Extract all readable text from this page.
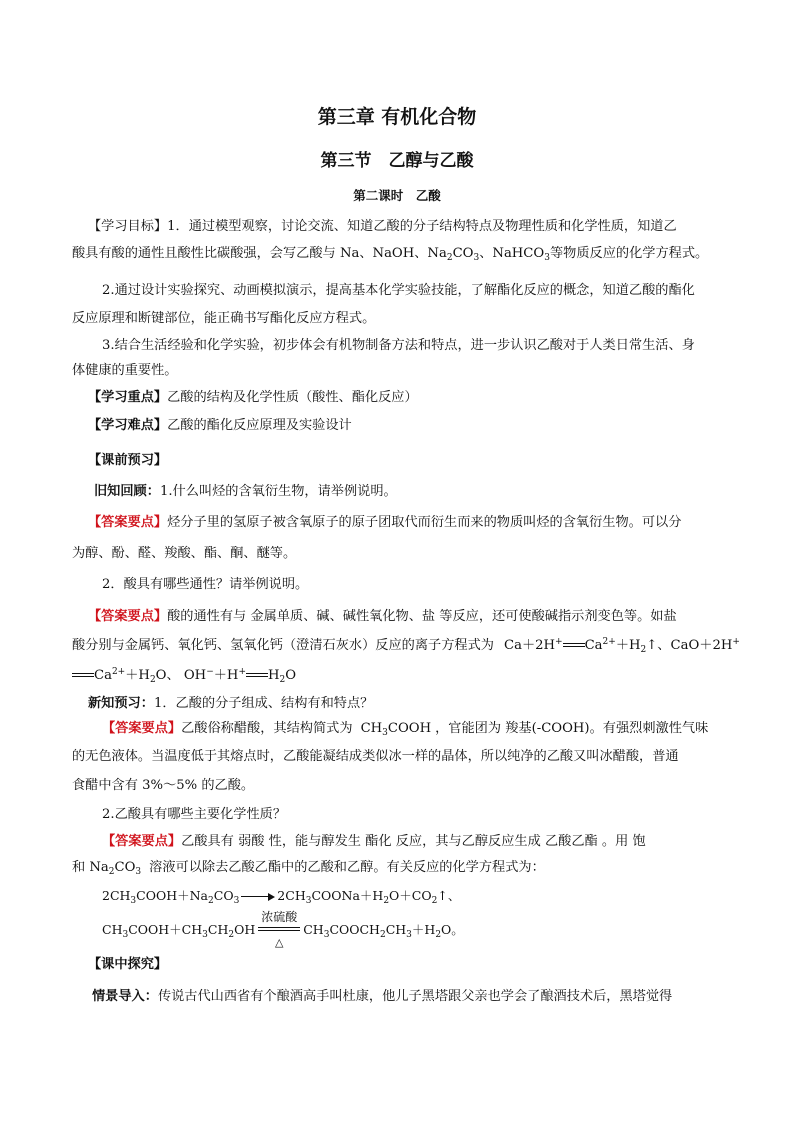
第三章 有机化合物
第三节　乙醇与乙酸
第二课时　乙酸
【学习目标】1．通过模型观察，讨论交流、知道乙酸的分子结构特点及物理性质和化学性质，知道乙
酸具有酸的通性且酸性比碳酸强，会写乙酸与 Na、NaOH、$Na_2CO_3$、NaHCO$_3$等物质反应的化学方程式。
2.通过设计实验探究、动画模拟演示，提高基本化学实验技能，了解酯化反应的概念，知道乙酸的酯化
反应原理和断键部位，能正确书写酯化反应方程式。
3.结合生活经验和化学实验，初步体会有机物制备方法和特点，进一步认识乙酸对于人类日常生活、身
体健康的重要性。
【学习重点】乙酸的结构及化学性质（酸性、酯化反应）
【学习难点】乙酸的酯化反应原理及实验设计
【课前预习】
旧知回顾：1.什么叫烃的含氧衍生物，请举例说明。
【答案要点】烃分子里的氢原子被含氧原子的原子团取代而衍生而来的物质叫烃的含氧衍生物。可以分
为醇、酚、醛、羧酸、酯、酮、醚等。
2．酸具有哪些通性？请举例说明。
【答案要点】酸的通性有与 金属单质、碱、碱性氧化物、盐 等反应，还可使酸碱指示剂变色等。如盐
酸分别与金属钙、氧化钙、氢氧化钙（澄清石灰水）反应的离子方程式为 Ca＋2H+ $Ca^{2+}+H_2↑$、CaO＋2H+
$Ca^{2+}+H_2O$、 OH−＋H+ $H_2O$
新知预习：1．乙酸的分子组成、结构有和特点？
【答案要点】乙酸俗称醋酸，其结构简式为 $CH_3COOH$ ，官能团为 羧基(-COOH)。有强烈刺激性气味
的无色液体。当温度低于其熔点时，乙酸能凝结成类似冰一样的晶体，所以纯净的乙酸又叫冰醋酸，普通
食醋中含有 3%～5% 的乙酸。
2.乙酸具有哪些主要化学性质？
【答案要点】乙酸具有 弱酸 性，能与醇发生 酯化 反应，其与乙醇反应生成 乙酸乙酯 。用 饱
和 $Na_2CO_3$ 溶液可以除去乙酸乙酯中的乙酸和乙醇。有关反应的化学方程式为：
$2CH_3COOH+Na_2CO_3$	$2CH_3COONa+H_2O+CO_2↑$、
$CH_3COOH+CH_3CH_2OH$
浓硫酸
△
$CH_3COOCH_2CH_3+H_2O$。
【课中探究】
情景导入：传说古代山西省有个酿酒高手叫杜康，他儿子黑塔跟父亲也学会了酿酒技术后，黑塔觉得
